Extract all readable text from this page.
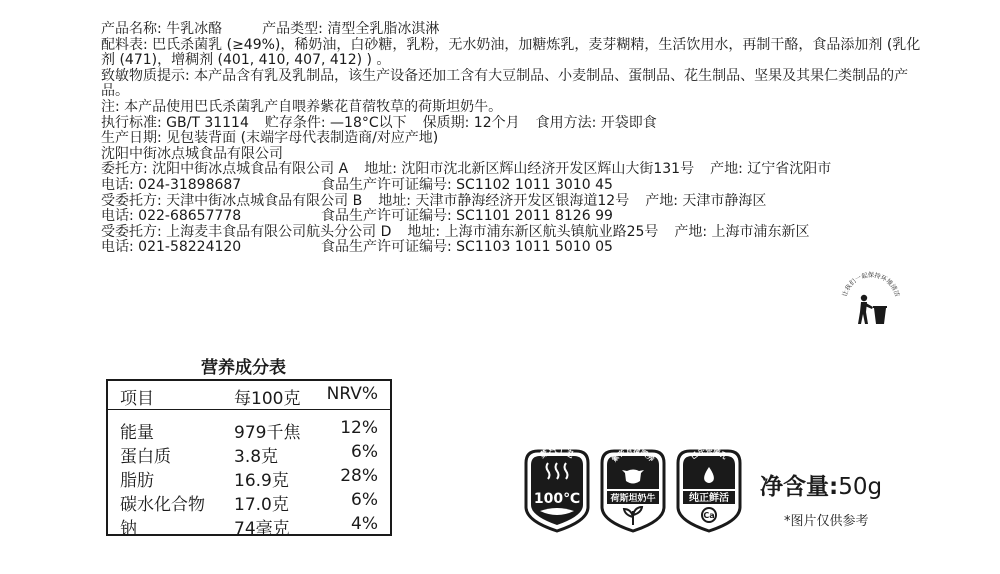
产品名称: 牛乳冰酪	产品类型: 清型全乳脂冰淇淋
配料表: 巴氏杀菌乳 (≥49%)，稀奶油，白砂糖，乳粉，无水奶油，加糖炼乳，麦芽糊精，生活饮用水，再制干酪，食品添加剂 (乳化剂 (471)，增稠剂 (401, 410, 407, 412) ) 。
致敏物质提示: 本产品含有乳及乳制品，该生产设备还加工含有大豆制品、小麦制品、蛋制品、花生制品、坚果及其果仁类制品的产品。
注: 本产品使用巴氏杀菌乳产自喂养紫花苜蓿牧草的荷斯坦奶牛。
执行标准: GB/T 31114 贮存条件: —18°C以下 保质期: 12个月 食用方法: 开袋即食
生产日期: 见包装背面 (末端字母代表制造商/对应产地)
沈阳中街冰点城食品有限公司
委托方: 沈阳中街冰点城食品有限公司 A 地址: 沈阳市沈北新区辉山经济开发区辉山大街131号 产地: 辽宁省沈阳市
电话: 024-31898687	食品生产许可证编号: SC1102 1011 3010 45
受委托方: 天津中街冰点城食品有限公司 B 地址: 天津市静海经济开发区银海道12号 产地: 天津市静海区
电话: 022-68657778	食品生产许可证编号: SC1101 2011 8126 99
受委托方: 上海麦丰食品有限公司航头分公司 D 地址: 上海市浦东新区航头镇航业路25号 产地: 上海市浦东新区
电话: 021-58224120	食品生产许可证编号: SC1103 1011 5010 05
让我们一起保持环境清洁
营养成分表
项目	每100克 NRV%
能量	979千焦 12%
蛋白质	3.8克	6%
脂肪	16.9克	28%
碳水化合物 17.0克	6%
钠	74毫克	4%
蒸汽工艺
100℃
紫花苜蓿喂养
荷斯坦奶牛
巴氏杀菌乳
纯正鲜活
Ca
净含量:50g
*图片仅供参考
